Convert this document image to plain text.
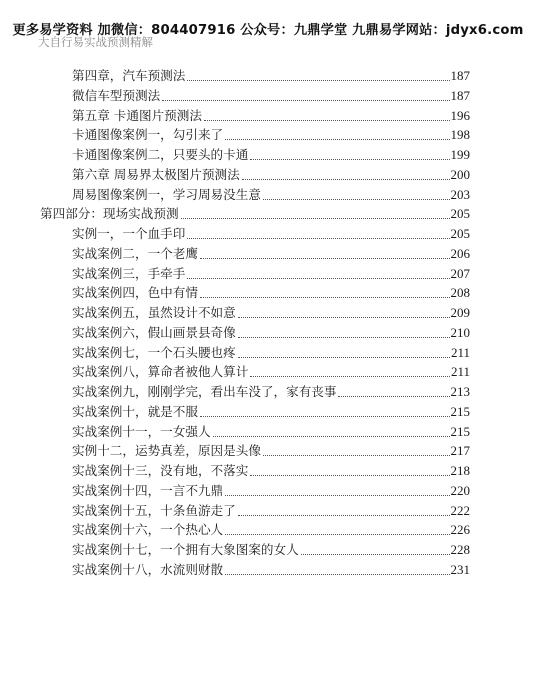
更多易学资料 加微信：804407916 公众号：九鼎学堂 九鼎易学网站：jdyx6.com
大自行易实战预测精解
第四章，汽车预测法	187
微信车型预测法	187
第五章 卡通图片预测法	196
卡通图像案例一，勾引来了	198
卡通图像案例二，只要头的卡通	199
第六章 周易界太极图片预测法	200
周易图像案例一，学习周易没生意	203
第四部分：现场实战预测	205
实例一，一个血手印	205
实战案例二，一个老鹰	206
实战案例三，手牵手	207
实战案例四，色中有情	208
实战案例五，虽然设计不如意	209
实战案例六，假山画景县奇像	210
实战案例七，一个石头腰也疼	211
实战案例八，算命者被他人算计	211
实战案例九，刚刚学完，看出车没了，家有丧事	213
实战案例十，就是不服	215
实战案例十一，一女强人	215
实例十二，运势真差，原因是头像	217
实战案例十三，没有地，不落实	218
实战案例十四，一言不九鼎	220
实战案例十五，十条鱼游走了	222
实战案例十六，一个热心人	226
实战案例十七，一个拥有大象图案的女人	228
实战案例十八，水流则财散	231
